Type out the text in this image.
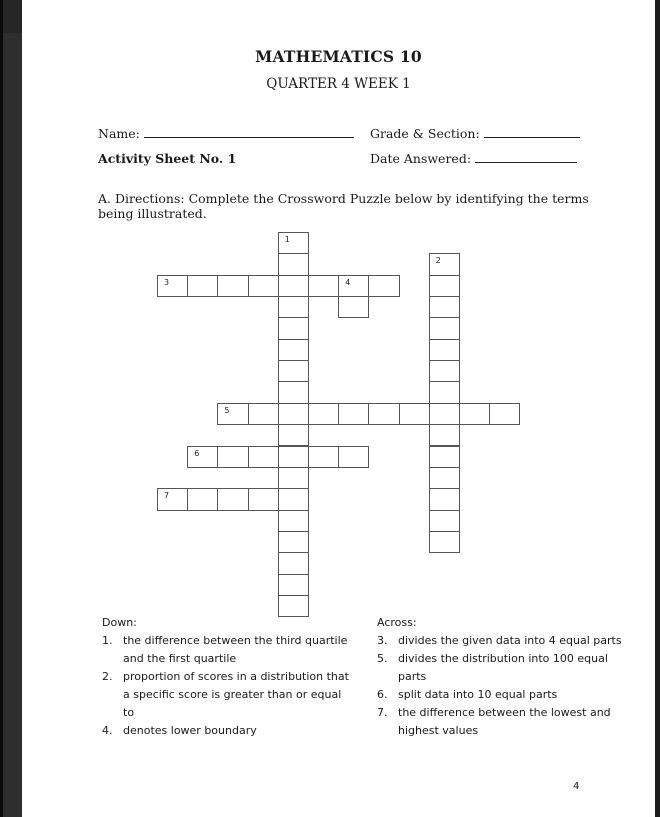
MATHEMATICS 10
QUARTER 4 WEEK 1
Name:	Grade & Section:
Activity Sheet No. 1	Date Answered:
A. Directions: Complete the Crossword Puzzle below by identifying the terms being illustrated.
1
2
3	4
5
6
7
Down:
1. the difference between the third quartile and the first quartile
2. proportion of scores in a distribution that a specific score is greater than or equal to
4. denotes lower boundary
Across:
3. divides the given data into 4 equal parts
5. divides the distribution into 100 equal parts
6. split data into 10 equal parts
7. the difference between the lowest and highest values
4
